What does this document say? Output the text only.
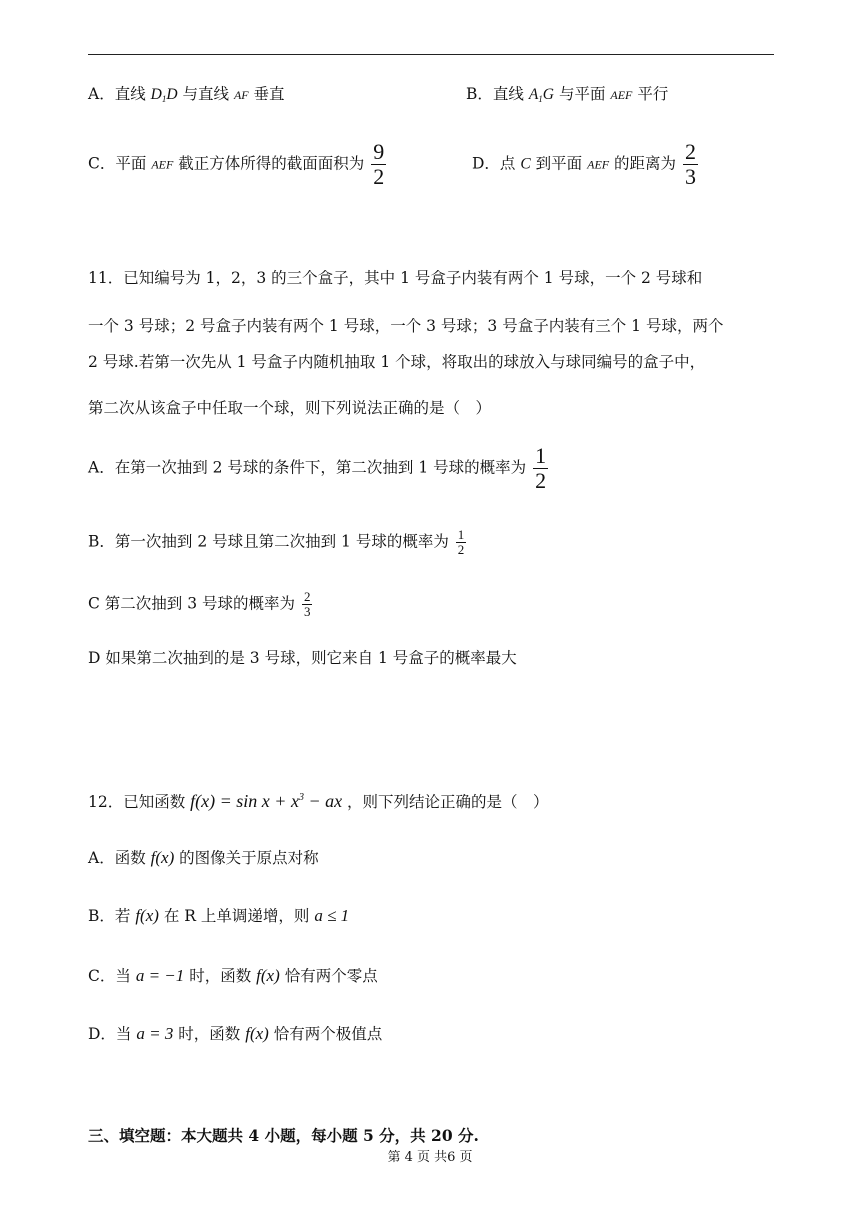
A．直线 $D_1D$ 与直线 AF 垂直	B．直线 $A_1G$ 与平面 AEF 平行
C．平面 AEF 截正方体所得的截面面积为 $\frac{9}{2}$	D．点 C 到平面 AEF 的距离为 $\frac{2}{3}$
11．已知编号为 1，2，3 的三个盒子，其中 1 号盒子内装有两个 1 号球，一个 2 号球和
一个 3 号球；2 号盒子内装有两个 1 号球，一个 3 号球；3 号盒子内装有三个 1 号球，两个
2 号球.若第一次先从 1 号盒子内随机抽取 1 个球，将取出的球放入与球同编号的盒子中，
第二次从该盒子中任取一个球，则下列说法正确的是（　）
A．在第一次抽到 2 号球的条件下，第二次抽到 1 号球的概率为 $\frac{1}{2}$
B．第一次抽到 2 号球且第二次抽到 1 号球的概率为 $\frac{1}{2}$
C 第二次抽到 3 号球的概率为 $\frac{2}{3}$
D 如果第二次抽到的是 3 号球，则它来自 1 号盒子的概率最大
12．已知函数 $f(x) = \sin x + x^3$ − ax ，则下列结论正确的是（　）
A．函数 f(x) 的图像关于原点对称
B．若 f(x) 在 R 上单调递增，则 a ≤ 1
C．当 a = −1 时，函数 f(x) 恰有两个零点
D．当 a = 3 时，函数 f(x) 恰有两个极值点
三、填空题：本大题共 4 小题，每小题 5 分，共 20 分.
第 4 页 共6 页
